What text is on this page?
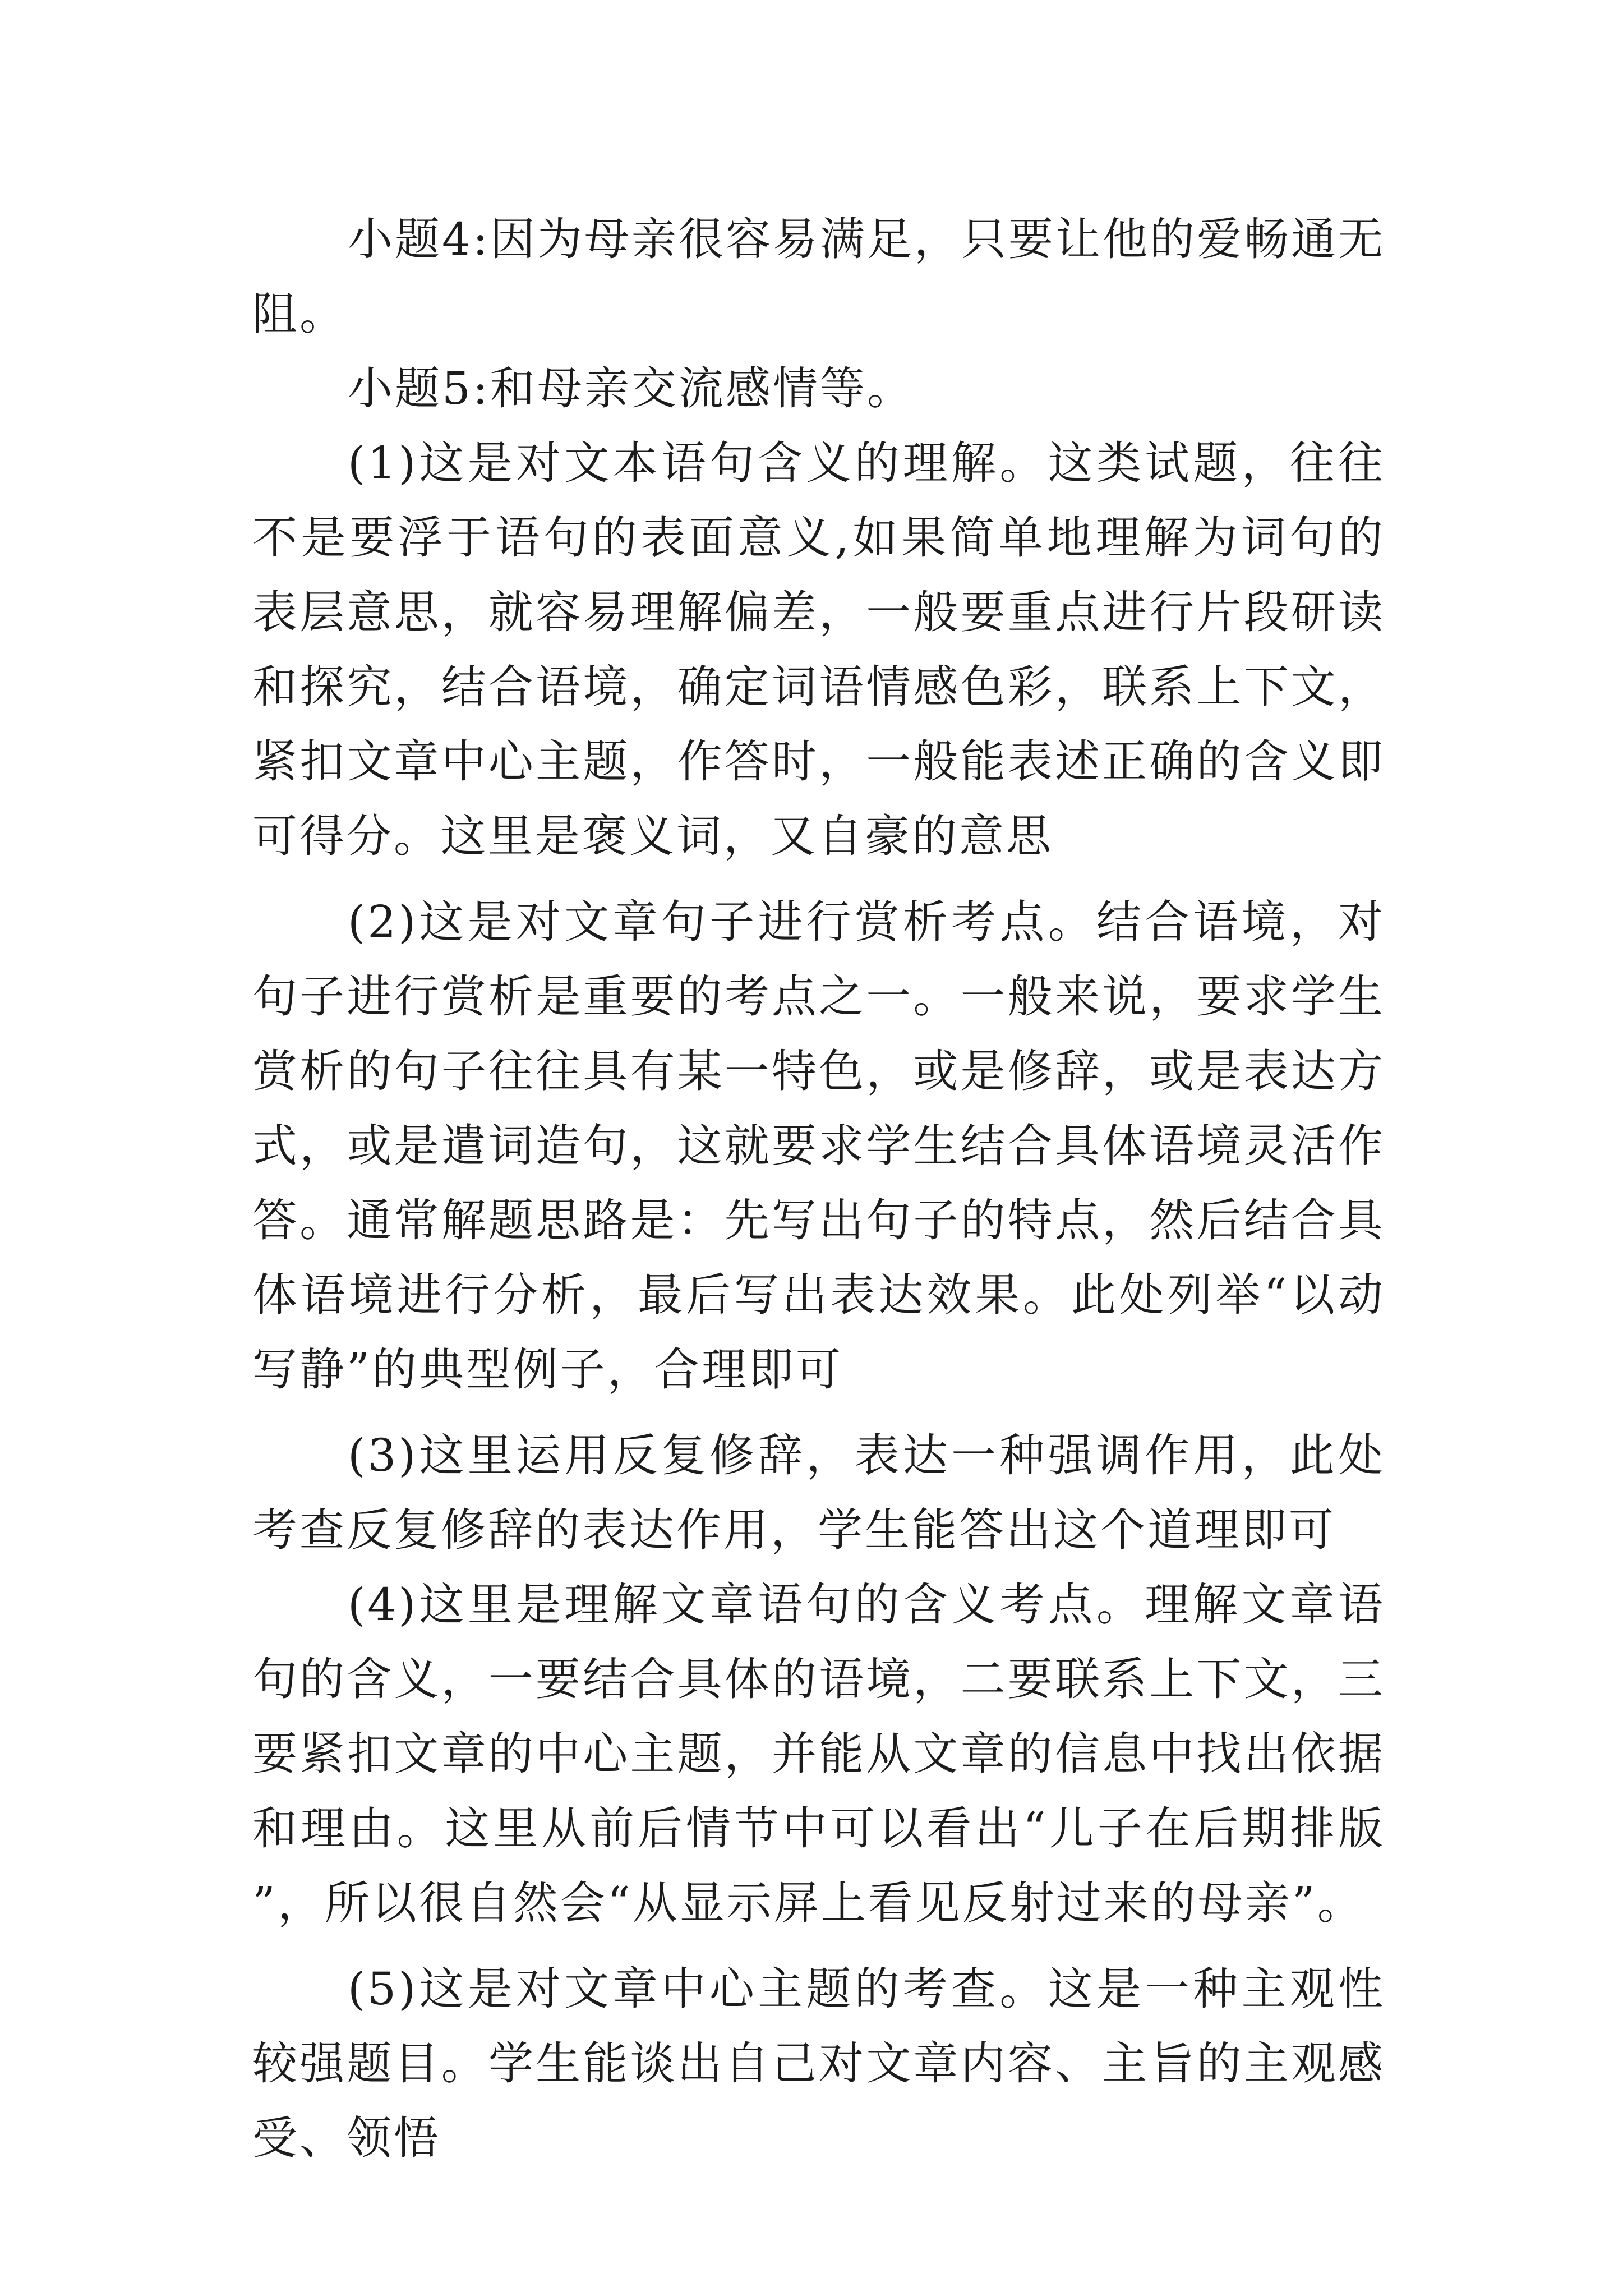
小题4:因为母亲很容易满足，只要让他的爱畅通无阻。

小题5:和母亲交流感情等。

(1)这是对文本语句含义的理解。这类试题，往往不是要浮于语句的表面意义,如果简单地理解为词句的表层意思，就容易理解偏差，一般要重点进行片段研读和探究，结合语境，确定词语情感色彩，联系上下文，紧扣文章中心主题，作答时，一般能表述正确的含义即可得分。这里是褒义词，又自豪的意思

(2)这是对文章句子进行赏析考点。结合语境，对句子进行赏析是重要的考点之一。一般来说，要求学生赏析的句子往往具有某一特色，或是修辞，或是表达方式，或是遣词造句，这就要求学生结合具体语境灵活作答。通常解题思路是：先写出句子的特点，然后结合具体语境进行分析，最后写出表达效果。此处列举“以动写静”的典型例子，合理即可

(3)这里运用反复修辞，表达一种强调作用，此处考查反复修辞的表达作用，学生能答出这个道理即可

(4)这里是理解文章语句的含义考点。理解文章语句的含义，一要结合具体的语境，二要联系上下文，三要紧扣文章的中心主题，并能从文章的信息中找出依据和理由。这里从前后情节中可以看出“儿子在后期排版”，所以很自然会“从显示屏上看见反射过来的母亲”。

(5)这是对文章中心主题的考查。这是一种主观性较强题目。学生能谈出自己对文章内容、主旨的主观感受、领悟
